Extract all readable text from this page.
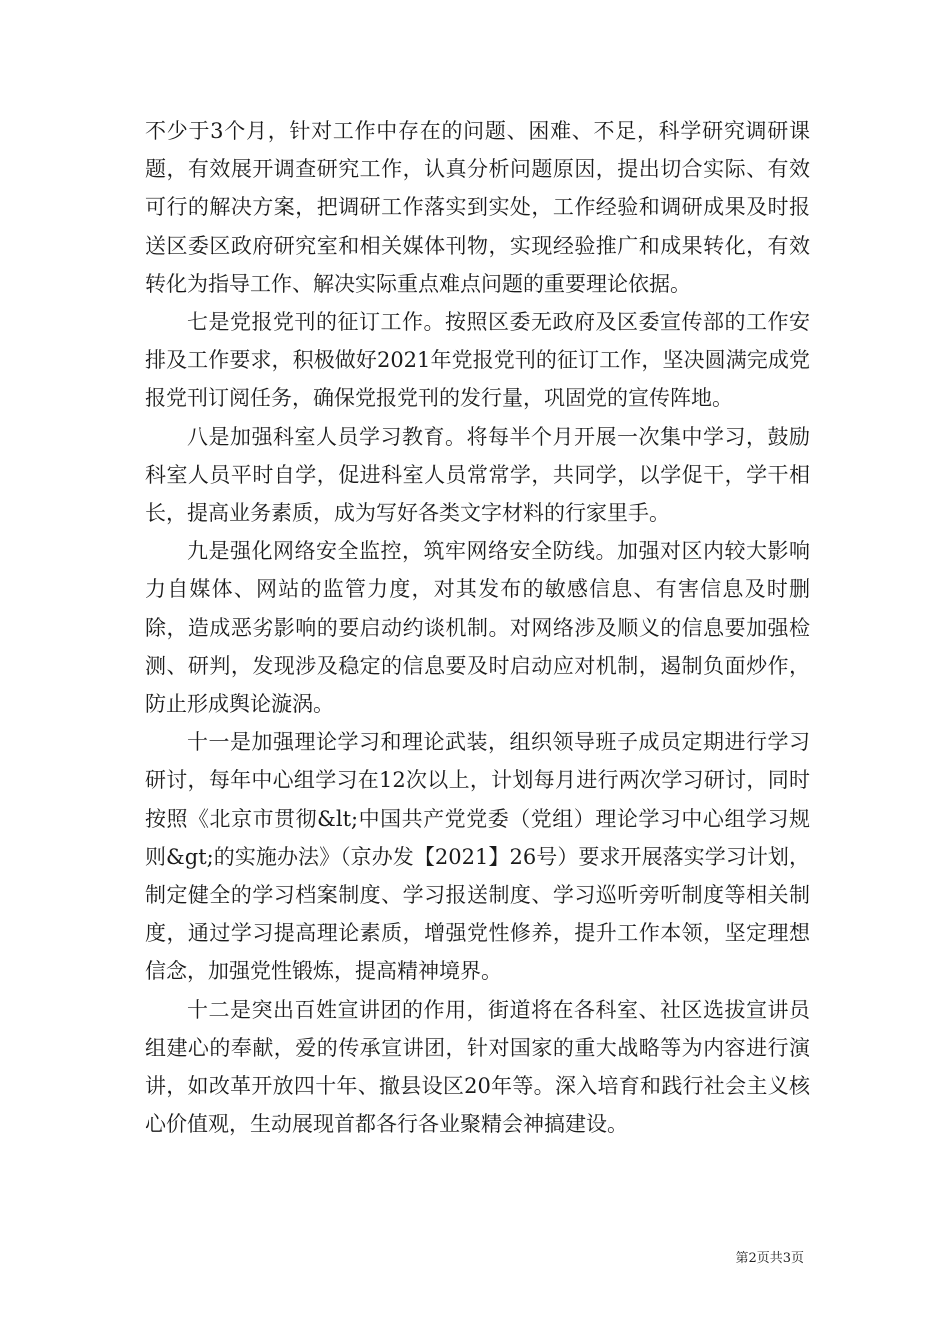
不少于3个月，针对工作中存在的问题、困难、不足，科学研究调研课题，有效展开调查研究工作，认真分析问题原因，提出切合实际、有效可行的解决方案，把调研工作落实到实处，工作经验和调研成果及时报送区委区政府研究室和相关媒体刊物，实现经验推广和成果转化，有效转化为指导工作、解决实际重点难点问题的重要理论依据。

七是党报党刊的征订工作。按照区委无政府及区委宣传部的工作安排及工作要求，积极做好2021年党报党刊的征订工作，坚决圆满完成党报党刊订阅任务，确保党报党刊的发行量，巩固党的宣传阵地。

八是加强科室人员学习教育。将每半个月开展一次集中学习，鼓励科室人员平时自学，促进科室人员常常学，共同学，以学促干，学干相长，提高业务素质，成为写好各类文字材料的行家里手。

九是强化网络安全监控，筑牢网络安全防线。加强对区内较大影响力自媒体、网站的监管力度，对其发布的敏感信息、有害信息及时删除，造成恶劣影响的要启动约谈机制。对网络涉及顺义的信息要加强检测、研判，发现涉及稳定的信息要及时启动应对机制，遏制负面炒作，防止形成舆论漩涡。

十一是加强理论学习和理论武装，组织领导班子成员定期进行学习研讨，每年中心组学习在12次以上，计划每月进行两次学习研讨，同时按照《北京市贯彻&lt;中国共产党党委（党组）理论学习中心组学习规则&gt;的实施办法》（京办发【2021】26号）要求开展落实学习计划，制定健全的学习档案制度、学习报送制度、学习巡听旁听制度等相关制度，通过学习提高理论素质，增强党性修养，提升工作本领，坚定理想信念，加强党性锻炼，提高精神境界。

十二是突出百姓宣讲团的作用，街道将在各科室、社区选拔宣讲员组建心的奉献，爱的传承宣讲团，针对国家的重大战略等为内容进行演讲，如改革开放四十年、撤县设区20年等。深入培育和践行社会主义核心价值观，生动展现首都各行各业聚精会神搞建设。

第2页共3页
